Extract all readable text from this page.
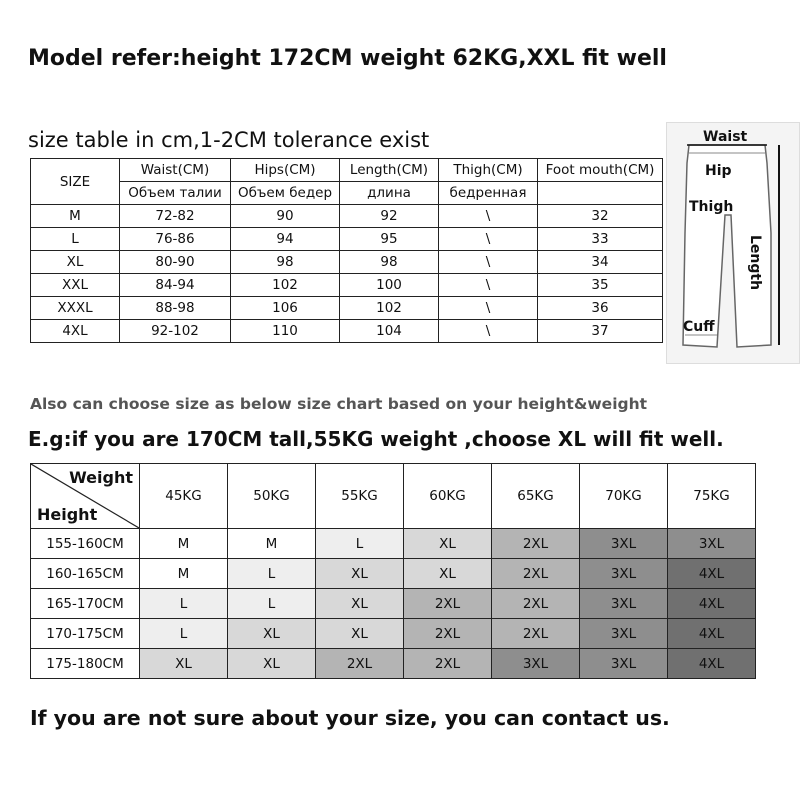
Model refer:height 172CM weight 62KG,XXL fit well
size table in cm,1-2CM tolerance exist
SIZE	Waist(CM)	Hips(CM)	Length(CM)	Thigh(CM)	Foot mouth(CM)
	Объем талии	Объем бедер	длина	бедренная	
M	72-82	90	92	\	32
L	76-86	94	95	\	33
XL	80-90	98	98	\	34
XXL	84-94	102	100	\	35
XXXL	88-98	106	102	\	36
4XL	92-102	110	104	\	37
Waist
Hip
Thigh
Length
Cuff
Also can choose size as below size chart based on your height&weight
E.g:if you are 170CM tall,55KG weight ,choose XL will fit well.
Weight
Height	45KG	50KG	55KG	60KG	65KG	70KG	75KG
155-160CM	M	M	L	XL	2XL	3XL	3XL
160-165CM	M	L	XL	XL	2XL	3XL	4XL
165-170CM	L	L	XL	2XL	2XL	3XL	4XL
170-175CM	L	XL	XL	2XL	2XL	3XL	4XL
175-180CM	XL	XL	2XL	2XL	3XL	3XL	4XL
If you are not sure about your size, you can contact us.
